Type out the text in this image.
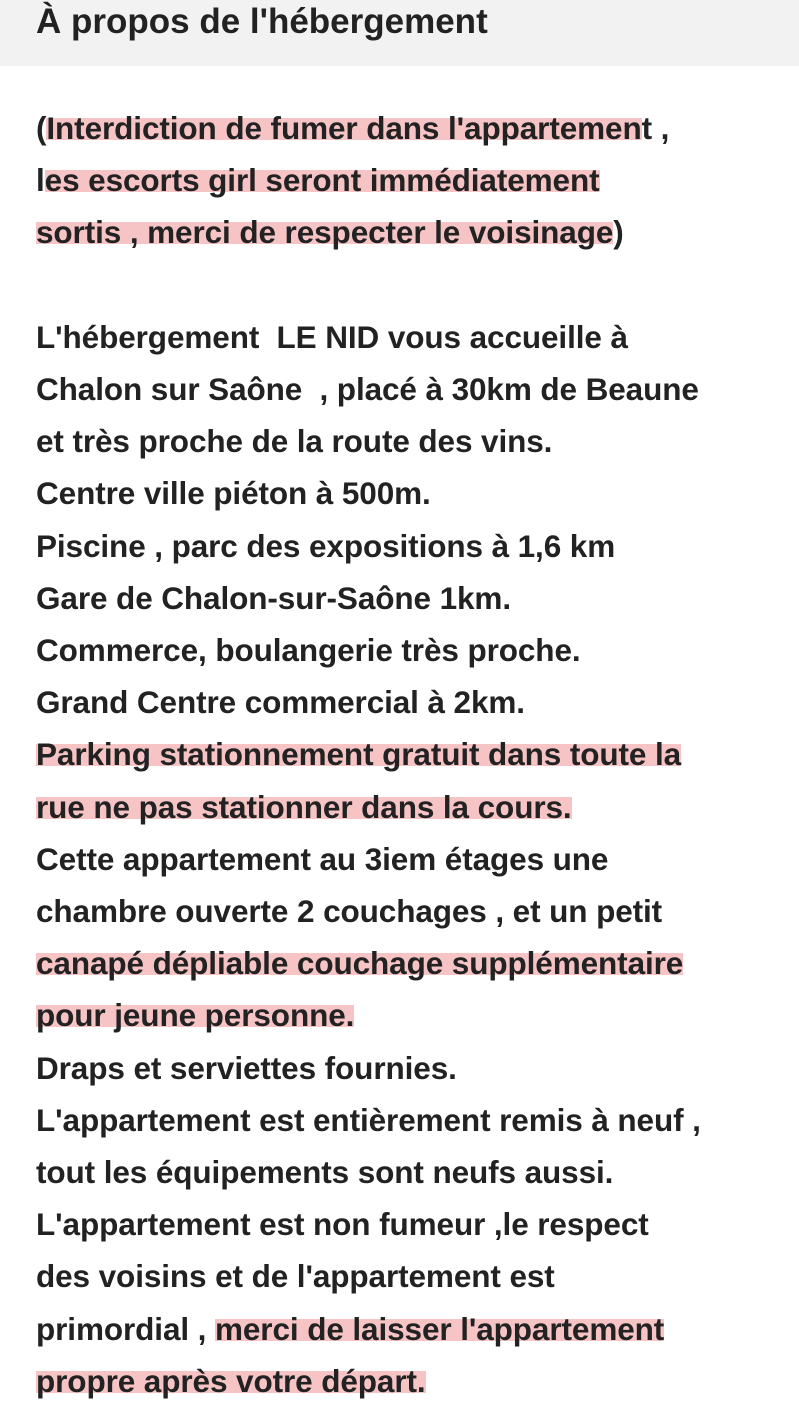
À propos de l'hébergement
(Interdiction de fumer dans l'appartement ,
les escorts girl seront immédiatement
sortis , merci de respecter le voisinage)
L'hébergement  LE NID vous accueille à
Chalon sur Saône  , placé à 30km de Beaune
et très proche de la route des vins.
Centre ville piéton à 500m.
Piscine , parc des expositions à 1,6 km
Gare de Chalon-sur-Saône 1km.
Commerce, boulangerie très proche.
Grand Centre commercial à 2km.
Parking stationnement gratuit dans toute la
rue ne pas stationner dans la cours.
Cette appartement au 3iem étages une
chambre ouverte 2 couchages , et un petit
canapé dépliable couchage supplémentaire
pour jeune personne.
Draps et serviettes fournies.
L'appartement est entièrement remis à neuf ,
tout les équipements sont neufs aussi.
L'appartement est non fumeur ,le respect
des voisins et de l'appartement est
primordial , merci de laisser l'appartement
propre après votre départ.
